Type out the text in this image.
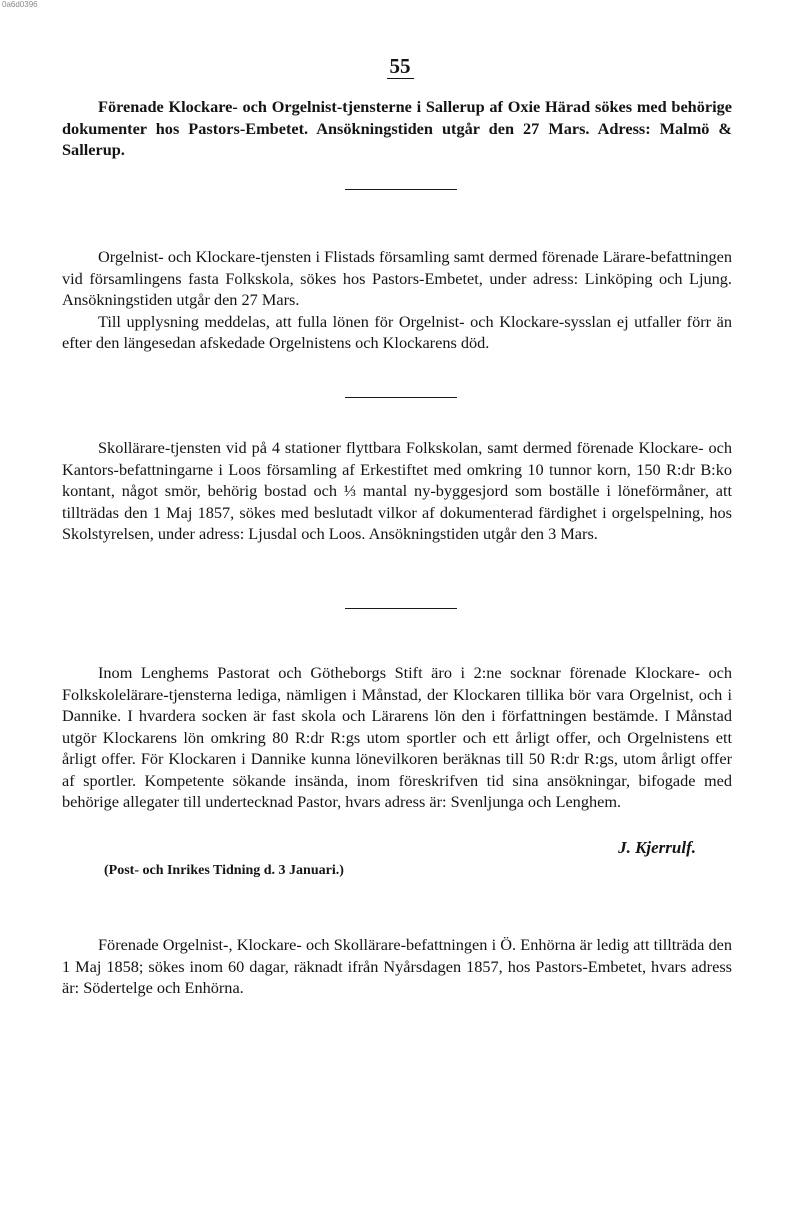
0a6d0396
55

Förenade Klockare- och Orgelnist-tjensterne i Sallerup af Oxie Härad sökes med behörige dokumenter hos Pastors-Embetet. Ansökningstiden utgår den 27 Mars. Adress: Malmö & Sallerup.

Orgelnist- och Klockare-tjensten i Flistads församling samt dermed förenade Lärare-befattningen vid församlingens fasta Folkskola, sökes hos Pastors-Embetet, under adress: Linköping och Ljung. Ansökningstiden utgår den 27 Mars.

Till upplysning meddelas, att fulla lönen för Orgelnist- och Klockare-sysslan ej utfaller förr än efter den längesedan afskedade Orgelnistens och Klockarens död.

Skollärare-tjensten vid på 4 stationer flyttbara Folkskolan, samt dermed förenade Klockare- och Kantors-befattningarne i Loos församling af Erkestiftet med omkring 10 tunnor korn, 150 R:dr B:ko kontant, något smör, behörig bostad och ⅓ mantal ny-byggesjord som boställe i löneförmåner, att tillträdas den 1 Maj 1857, sökes med beslutadt vilkor af dokumenterad färdighet i orgelspelning, hos Skolstyrelsen, under adress: Ljusdal och Loos. Ansökningstiden utgår den 3 Mars.

Inom Lenghems Pastorat och Götheborgs Stift äro i 2:ne socknar förenade Klockare- och Folkskolelärare-tjensterna lediga, nämligen i Månstad, der Klockaren tillika bör vara Orgelnist, och i Dannike. I hvardera socken är fast skola och Lärarens lön den i författningen bestämde. I Månstad utgör Klockarens lön omkring 80 R:dr R:gs utom sportler och ett årligt offer, och Orgelnistens ett årligt offer. För Klockaren i Dannike kunna lönevilkoren beräknas till 50 R:dr R:gs, utom årligt offer af sportler. Kompetente sökande insända, inom föreskrifven tid sina ansökningar, bifogade med behörige allegater till undertecknad Pastor, hvars adress är: Svenljunga och Lenghem.

J. Kjerrulf.
(Post- och Inrikes Tidning d. 3 Januari.)

Förenade Orgelnist-, Klockare- och Skollärare-befattningen i Ö. Enhörna är ledig att tillträda den 1 Maj 1858; sökes inom 60 dagar, räknadt ifrån Nyårsdagen 1857, hos Pastors-Embetet, hvars adress är: Södertelge och Enhörna.
